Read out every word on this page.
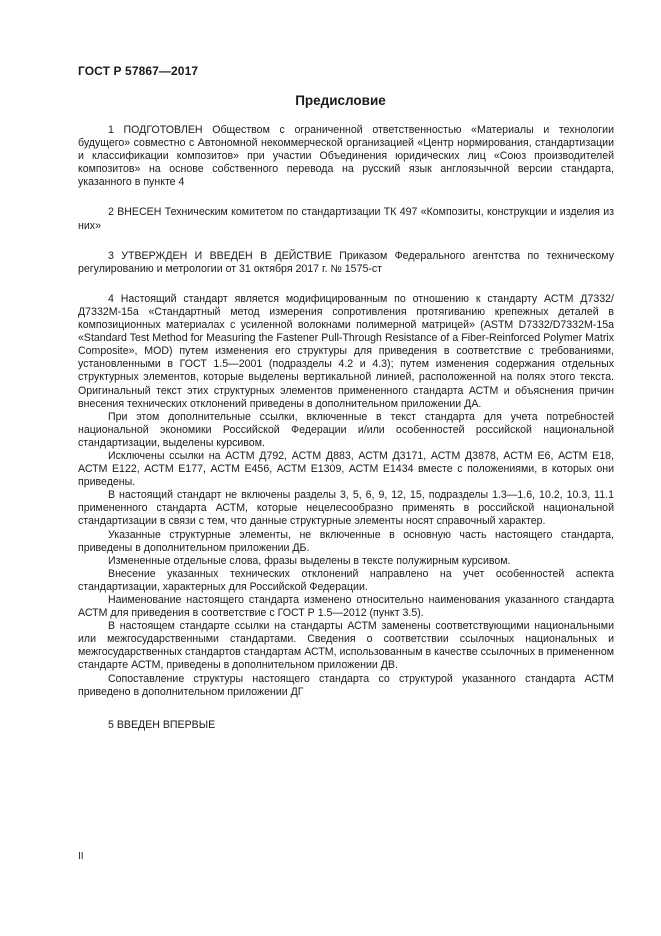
ГОСТ Р 57867—2017
Предисловие

1 ПОДГОТОВЛЕН Обществом с ограниченной ответственностью «Материалы и технологии будущего» совместно с Автономной некоммерческой организацией «Центр нормирования, стандартизации и классификации композитов» при участии Объединения юридических лиц «Союз производителей композитов» на основе собственного перевода на русский язык англоязычной версии стандарта, указанного в пункте 4

2 ВНЕСЕН Техническим комитетом по стандартизации ТК 497 «Композиты, конструкции и изделия из них»

3 УТВЕРЖДЕН И ВВЕДЕН В ДЕЙСТВИЕ Приказом Федерального агентства по техническому регулированию и метрологии от 31 октября 2017 г. № 1575-ст

4 Настоящий стандарт является модифицированным по отношению к стандарту АСТМ Д7332/Д7332М-15а «Стандартный метод измерения сопротивления протягиванию крепежных деталей в композиционных материалах с усиленной волокнами полимерной матрицей» (ASTM D7332/D7332M-15a «Standard Test Method for Measuring the Fastener Pull-Through Resistance of a Fiber-Reinforced Polymer Matrix Composite», MOD) путем изменения его структуры для приведения в соответствие с требованиями, установленными в ГОСТ 1.5—2001 (подразделы 4.2 и 4.3); путем изменения содержания отдельных структурных элементов, которые выделены вертикальной линией, расположенной на полях этого текста. Оригинальный текст этих структурных элементов примененного стандарта АСТМ и объяснения причин внесения технических отклонений приведены в дополнительном приложении ДА.

При этом дополнительные ссылки, включенные в текст стандарта для учета потребностей национальной экономики Российской Федерации и/или особенностей российской национальной стандартизации, выделены курсивом.

Исключены ссылки на АСТМ Д792, АСТМ Д883, АСТМ Д3171, АСТМ Д3878, АСТМ Е6, АСТМ Е18, АСТМ Е122, АСТМ Е177, АСТМ Е456, АСТМ Е1309, АСТМ Е1434 вместе с положениями, в которых они приведены.

В настоящий стандарт не включены разделы 3, 5, 6, 9, 12, 15, подразделы 1.3—1.6, 10.2, 10.3, 11.1 примененного стандарта АСТМ, которые нецелесообразно применять в российской национальной стандартизации в связи с тем, что данные структурные элементы носят справочный характер.

Указанные структурные элементы, не включенные в основную часть настоящего стандарта, приведены в дополнительном приложении ДБ.

Измененные отдельные слова, фразы выделены в тексте полужирным курсивом.

Внесение указанных технических отклонений направлено на учет особенностей аспекта стандартизации, характерных для Российской Федерации.

Наименование настоящего стандарта изменено относительно наименования указанного стандарта АСТМ для приведения в соответствие с ГОСТ Р 1.5—2012 (пункт 3.5).

В настоящем стандарте ссылки на стандарты АСТМ заменены соответствующими национальными или межгосударственными стандартами. Сведения о соответствии ссылочных национальных и межгосударственных стандартов стандартам АСТМ, использованным в качестве ссылочных в примененном стандарте АСТМ, приведены в дополнительном приложении ДВ.

Сопоставление структуры настоящего стандарта со структурой указанного стандарта АСТМ приведено в дополнительном приложении ДГ

5 ВВЕДЕН ВПЕРВЫЕ

II
